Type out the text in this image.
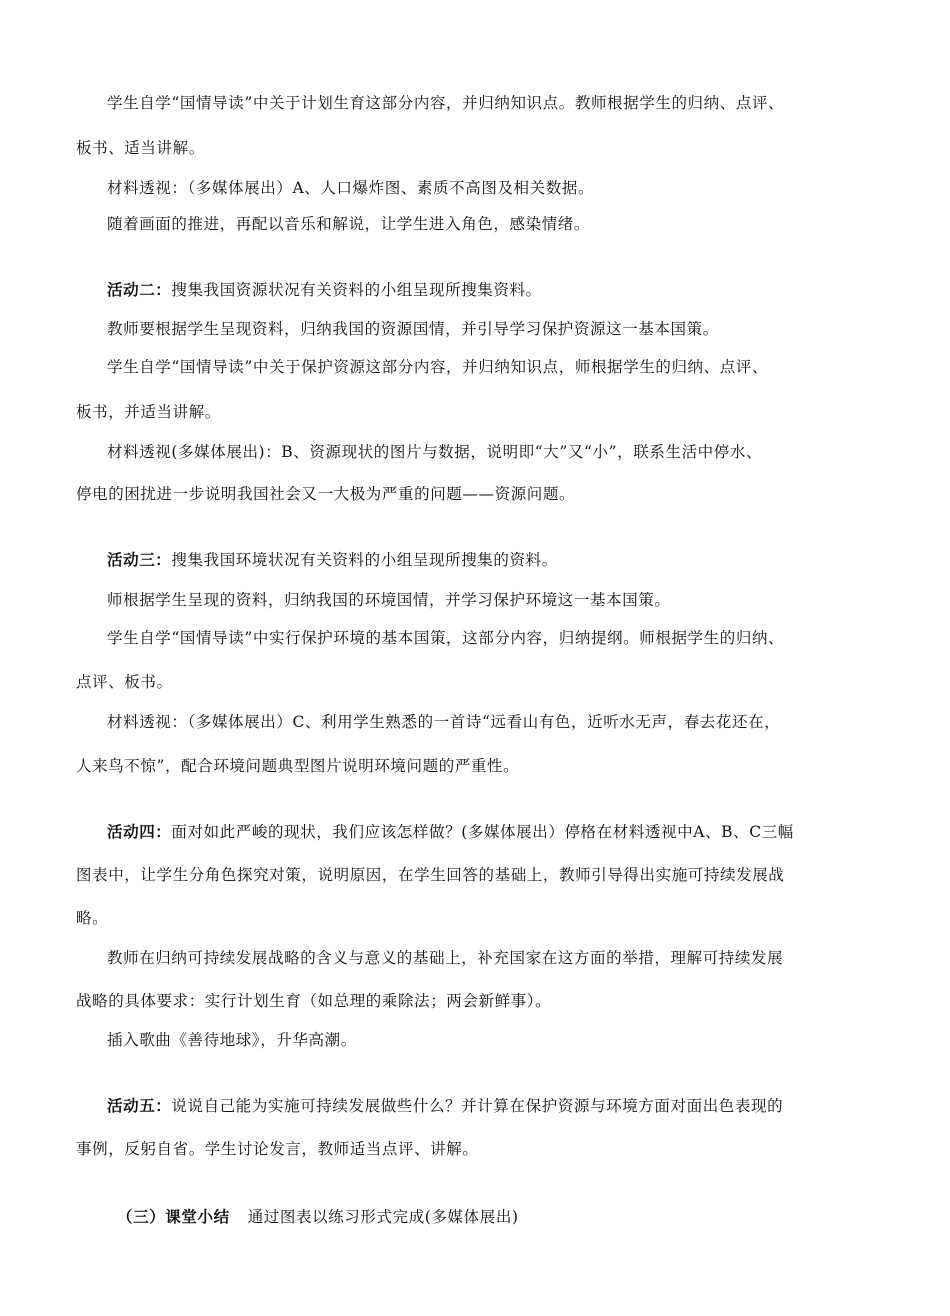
学生自学“国情导读”中关于计划生育这部分内容，并归纳知识点。教师根据学生的归纳、点评、
板书、适当讲解。
材料透视：（多媒体展出）A、人口爆炸图、素质不高图及相关数据。
随着画面的推进，再配以音乐和解说，让学生进入角色，感染情绪。
活动二：搜集我国资源状况有关资料的小组呈现所搜集资料。
教师要根据学生呈现资料，归纳我国的资源国情，并引导学习保护资源这一基本国策。
学生自学“国情导读”中关于保护资源这部分内容，并归纳知识点，师根据学生的归纳、点评、
板书，并适当讲解。
材料透视(多媒体展出)：B、资源现状的图片与数据，说明即“大”又“小”，联系生活中停水、
停电的困扰进一步说明我国社会又一大极为严重的问题——资源问题。
活动三：搜集我国环境状况有关资料的小组呈现所搜集的资料。
师根据学生呈现的资料，归纳我国的环境国情，并学习保护环境这一基本国策。
学生自学“国情导读”中实行保护环境的基本国策，这部分内容，归纳提纲。师根据学生的归纳、
点评、板书。
材料透视：（多媒体展出）C、利用学生熟悉的一首诗“远看山有色，近听水无声，春去花还在，
人来鸟不惊”，配合环境问题典型图片说明环境问题的严重性。
活动四：面对如此严峻的现状，我们应该怎样做？(多媒体展出）停格在材料透视中A、B、C三幅
图表中，让学生分角色探究对策，说明原因，在学生回答的基础上，教师引导得出实施可持续发展战
略。
教师在归纳可持续发展战略的含义与意义的基础上，补充国家在这方面的举措，理解可持续发展
战略的具体要求：实行计划生育（如总理的乘除法；两会新鲜事）。
插入歌曲《善待地球》，升华高潮。
活动五：说说自己能为实施可持续发展做些什么？并计算在保护资源与环境方面对面出色表现的
事例，反躬自省。学生讨论发言，教师适当点评、讲解。
（三）课堂小结 通过图表以练习形式完成(多媒体展出)
